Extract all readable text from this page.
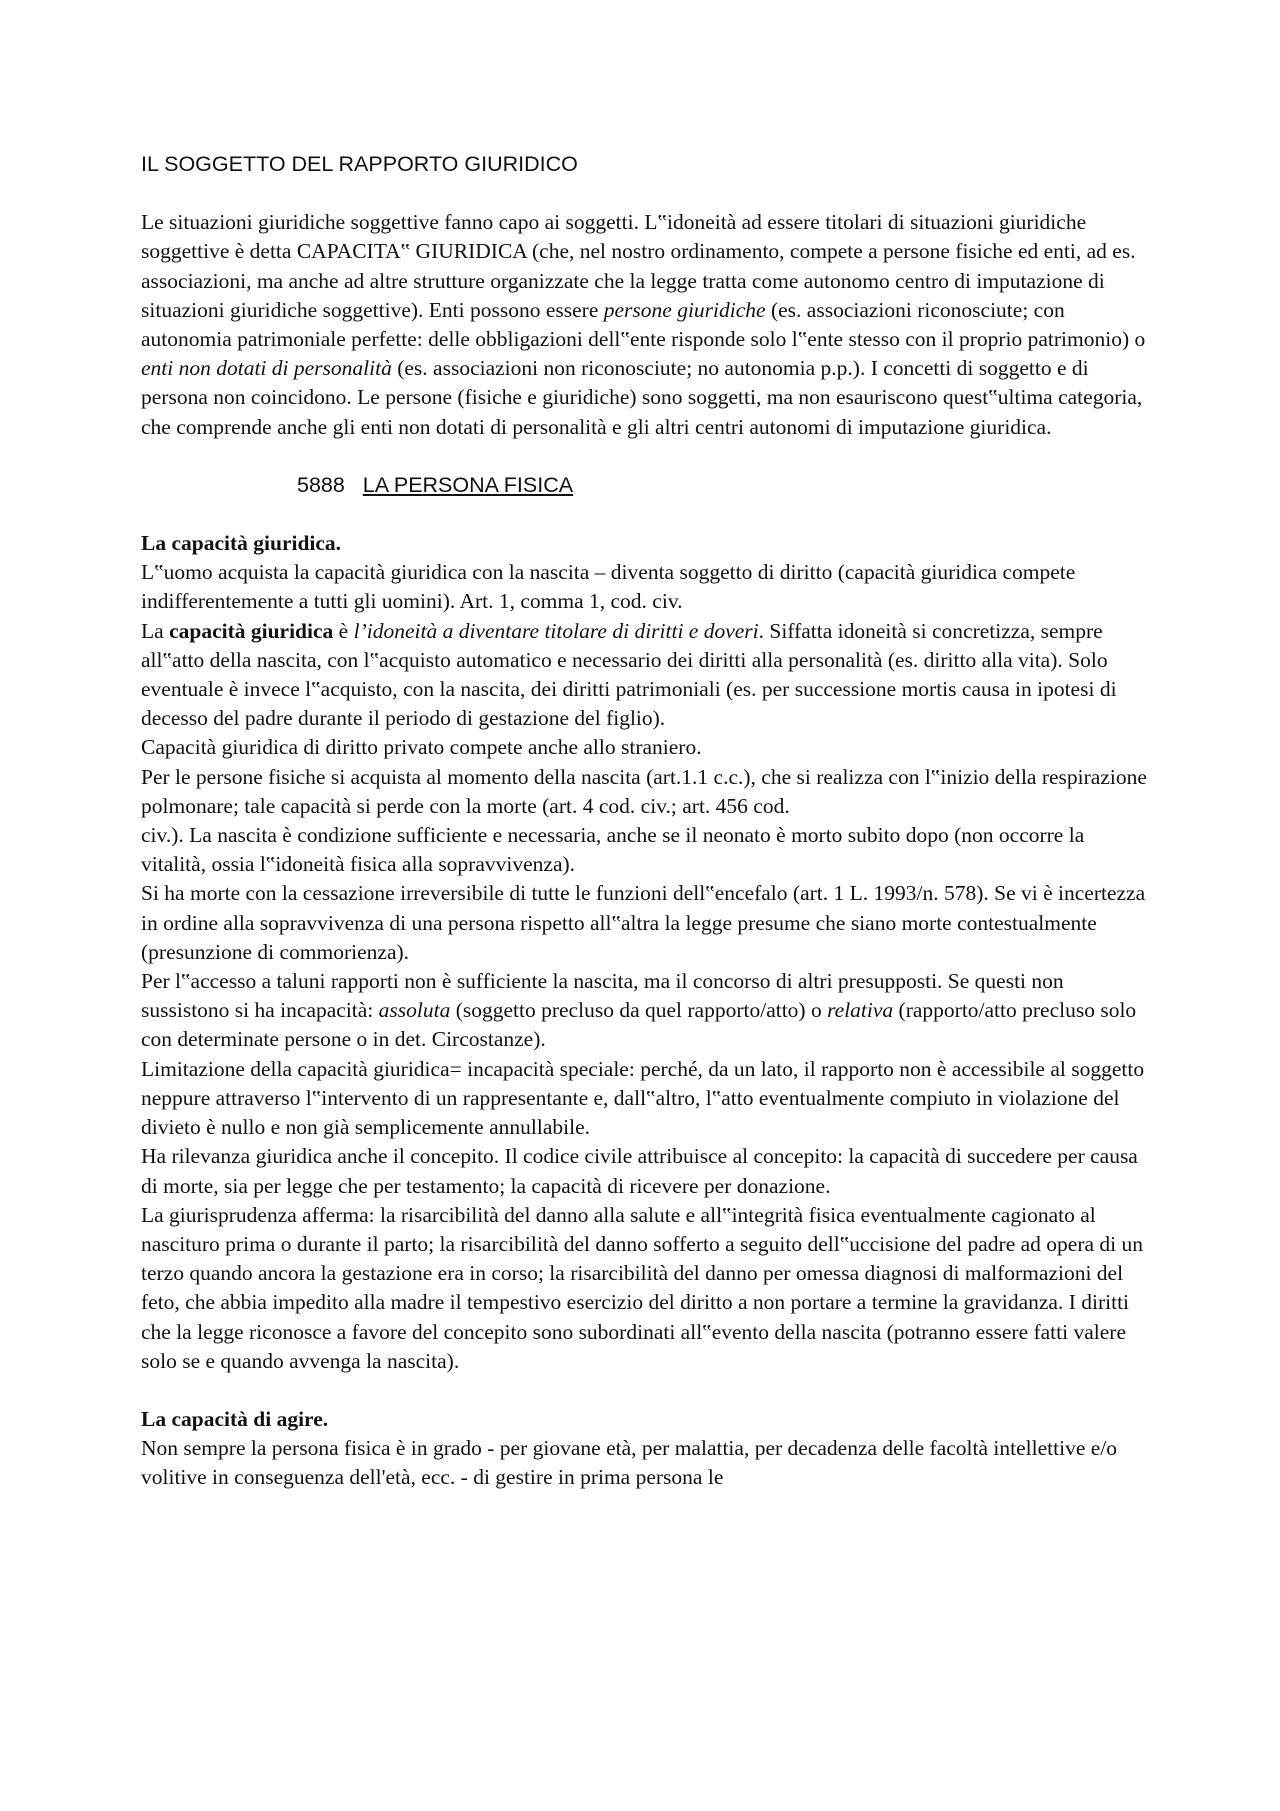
IL SOGGETTO DEL RAPPORTO GIURIDICO

Le situazioni giuridiche soggettive fanno capo ai soggetti. L‟idoneità ad essere titolari di situazioni giuridiche soggettive è detta CAPACITA‟ GIURIDICA (che, nel nostro ordinamento, compete a persone fisiche ed enti, ad es. associazioni, ma anche ad altre strutture organizzate che la legge tratta come autonomo centro di imputazione di situazioni giuridiche soggettive). Enti possono essere persone giuridiche (es. associazioni riconosciute; con autonomia patrimoniale perfette: delle obbligazioni dell‟ente risponde solo l‟ente stesso con il proprio patrimonio) o enti non dotati di personalità (es. associazioni non riconosciute; no autonomia p.p.). I concetti di soggetto e di persona non coincidono. Le persone (fisiche e giuridiche) sono soggetti, ma non esauriscono quest‟ultima categoria, che comprende anche gli enti non dotati di personalità e gli altri centri autonomi di imputazione giuridica.

5888 LA PERSONA FISICA

La capacità giuridica.

L‟uomo acquista la capacità giuridica con la nascita – diventa soggetto di diritto (capacità giuridica compete indifferentemente a tutti gli uomini). Art. 1, comma 1, cod. civ.

La capacità giuridica è l’idoneità a diventare titolare di diritti e doveri. Siffatta idoneità si concretizza, sempre all‟atto della nascita, con l‟acquisto automatico e necessario dei diritti alla personalità (es. diritto alla vita). Solo eventuale è invece l‟acquisto, con la nascita, dei diritti patrimoniali (es. per successione mortis causa in ipotesi di decesso del padre durante il periodo di gestazione del figlio).

Capacità giuridica di diritto privato compete anche allo straniero.

Per le persone fisiche si acquista al momento della nascita (art.1.1 c.c.), che si realizza con l‟inizio della respirazione polmonare; tale capacità si perde con la morte (art. 4 cod. civ.; art. 456 cod.

civ.). La nascita è condizione sufficiente e necessaria, anche se il neonato è morto subito dopo (non occorre la vitalità, ossia l‟idoneità fisica alla sopravvivenza).

Si ha morte con la cessazione irreversibile di tutte le funzioni dell‟encefalo (art. 1 L. 1993/n. 578). Se vi è incertezza in ordine alla sopravvivenza di una persona rispetto all‟altra la legge presume che siano morte contestualmente (presunzione di commorienza).

Per l‟accesso a taluni rapporti non è sufficiente la nascita, ma il concorso di altri presupposti. Se questi non sussistono si ha incapacità: assoluta (soggetto precluso da quel rapporto/atto) o relativa (rapporto/atto precluso solo con determinate persone o in det. Circostanze).

Limitazione della capacità giuridica= incapacità speciale: perché, da un lato, il rapporto non è accessibile al soggetto neppure attraverso l‟intervento di un rappresentante e, dall‟altro, l‟atto eventualmente compiuto in violazione del divieto è nullo e non già semplicemente annullabile.

Ha rilevanza giuridica anche il concepito. Il codice civile attribuisce al concepito: la capacità di succedere per causa di morte, sia per legge che per testamento; la capacità di ricevere per donazione.

La giurisprudenza afferma: la risarcibilità del danno alla salute e all‟integrità fisica eventualmente cagionato al nascituro prima o durante il parto; la risarcibilità del danno sofferto a seguito dell‟uccisione del padre ad opera di un terzo quando ancora la gestazione era in corso; la risarcibilità del danno per omessa diagnosi di malformazioni del feto, che abbia impedito alla madre il tempestivo esercizio del diritto a non portare a termine la gravidanza. I diritti che la legge riconosce a favore del concepito sono subordinati all‟evento della nascita (potranno essere fatti valere solo se e quando avvenga la nascita).

La capacità di agire.

Non sempre la persona fisica è in grado - per giovane età, per malattia, per decadenza delle facoltà intellettive e/o volitive in conseguenza dell'età, ecc. - di gestire in prima persona le
